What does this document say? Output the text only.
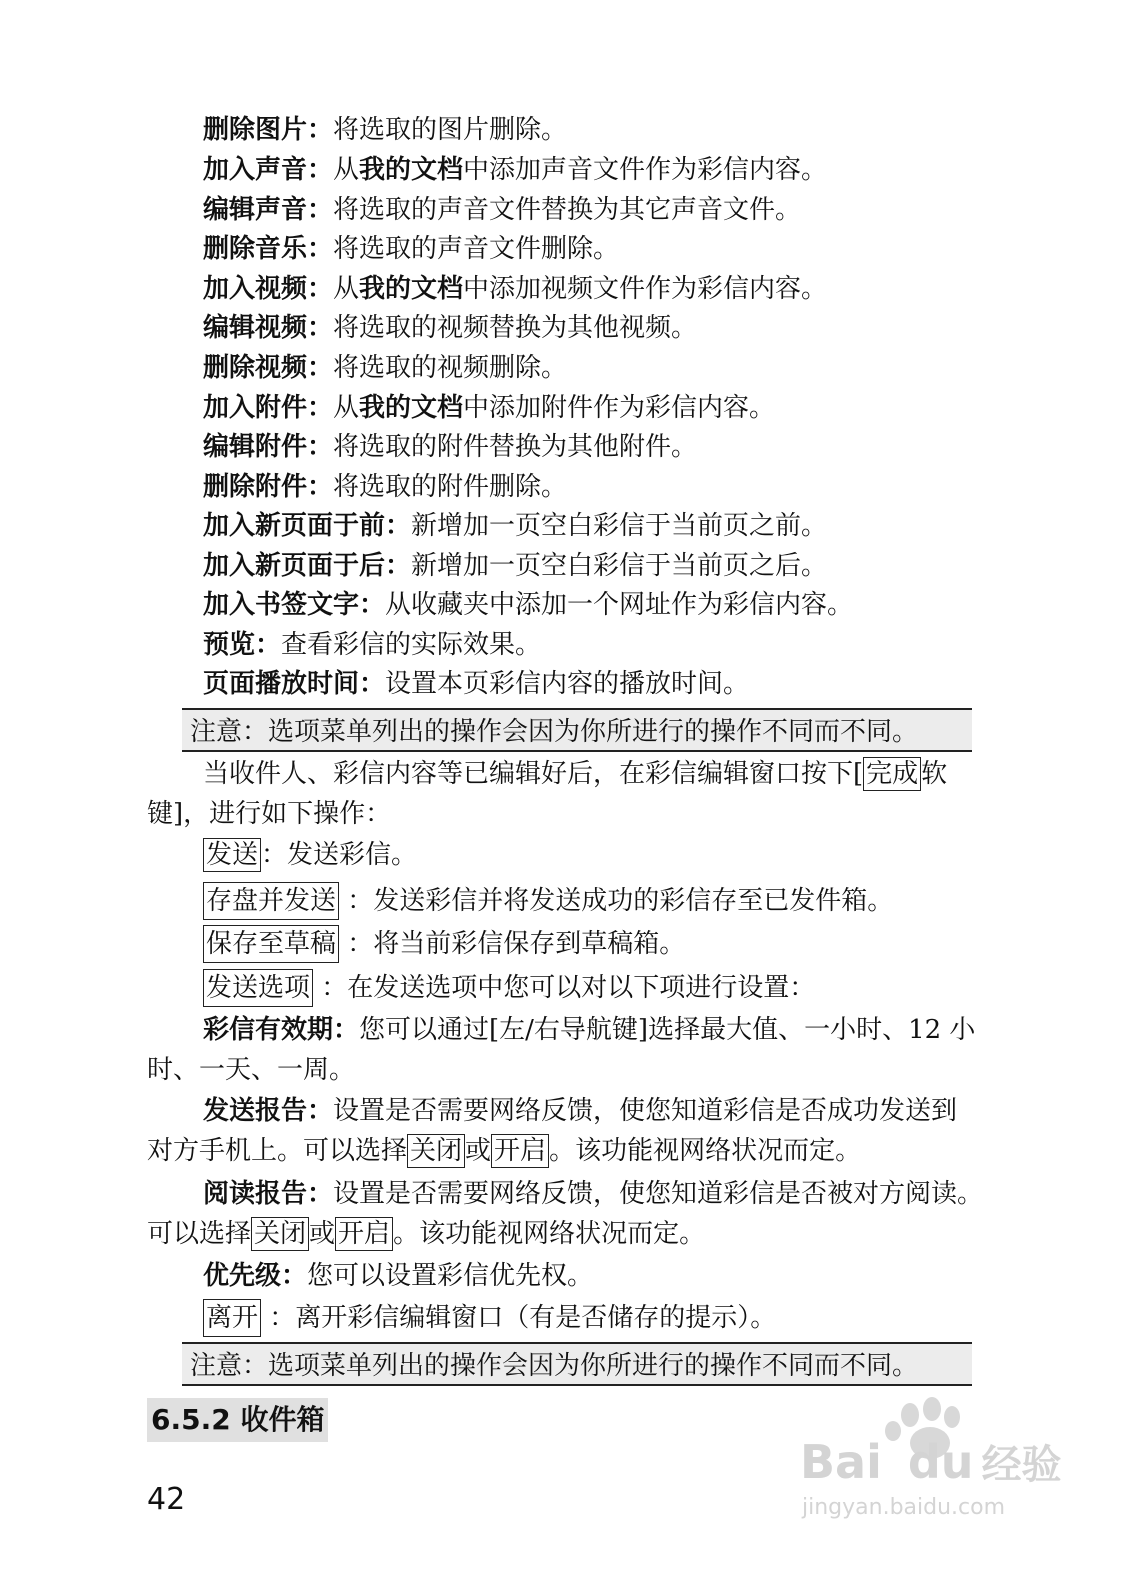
删除图片：将选取的图片删除。
加入声音：从我的文档中添加声音文件作为彩信内容。
编辑声音：将选取的声音文件替换为其它声音文件。
删除音乐：将选取的声音文件删除。
加入视频：从我的文档中添加视频文件作为彩信内容。
编辑视频：将选取的视频替换为其他视频。
删除视频：将选取的视频删除。
加入附件：从我的文档中添加附件作为彩信内容。
编辑附件：将选取的附件替换为其他附件。
删除附件：将选取的附件删除。
加入新页面于前：新增加一页空白彩信于当前页之前。
加入新页面于后：新增加一页空白彩信于当前页之后。
加入书签文字：从收藏夹中添加一个网址作为彩信内容。
预览：查看彩信的实际效果。
页面播放时间：设置本页彩信内容的播放时间。
注意：选项菜单列出的操作会因为你所进行的操作不同而不同。
当收件人、彩信内容等已编辑好后，在彩信编辑窗口按下[ 完成 软
键]，进行如下操作：
发送 ：发送彩信。
存盘并发送 ：发送彩信并将发送成功的彩信存至已发件箱。
保存至草稿 ：将当前彩信保存到草稿箱。
发送选项 ：在发送选项中您可以对以下项进行设置：
彩信有效期：您可以通过[左/右导航键]选择最大值、一小时、12 小
时、一天、一周。
发送报告：设置是否需要网络反馈，使您知道彩信是否成功发送到
对方手机上。可以选择 关闭 或 开启 。该功能视网络状况而定。
阅读报告：设置是否需要网络反馈，使您知道彩信是否被对方阅读。
可以选择 关闭 或 开启 。该功能视网络状况而定。
优先级：您可以设置彩信优先权。
离开 ：离开彩信编辑窗口（有是否储存的提示）。
注意：选项菜单列出的操作会因为你所进行的操作不同而不同。
6.5.2 收件箱
42
Bai du 经验
jingyan.baidu.com
